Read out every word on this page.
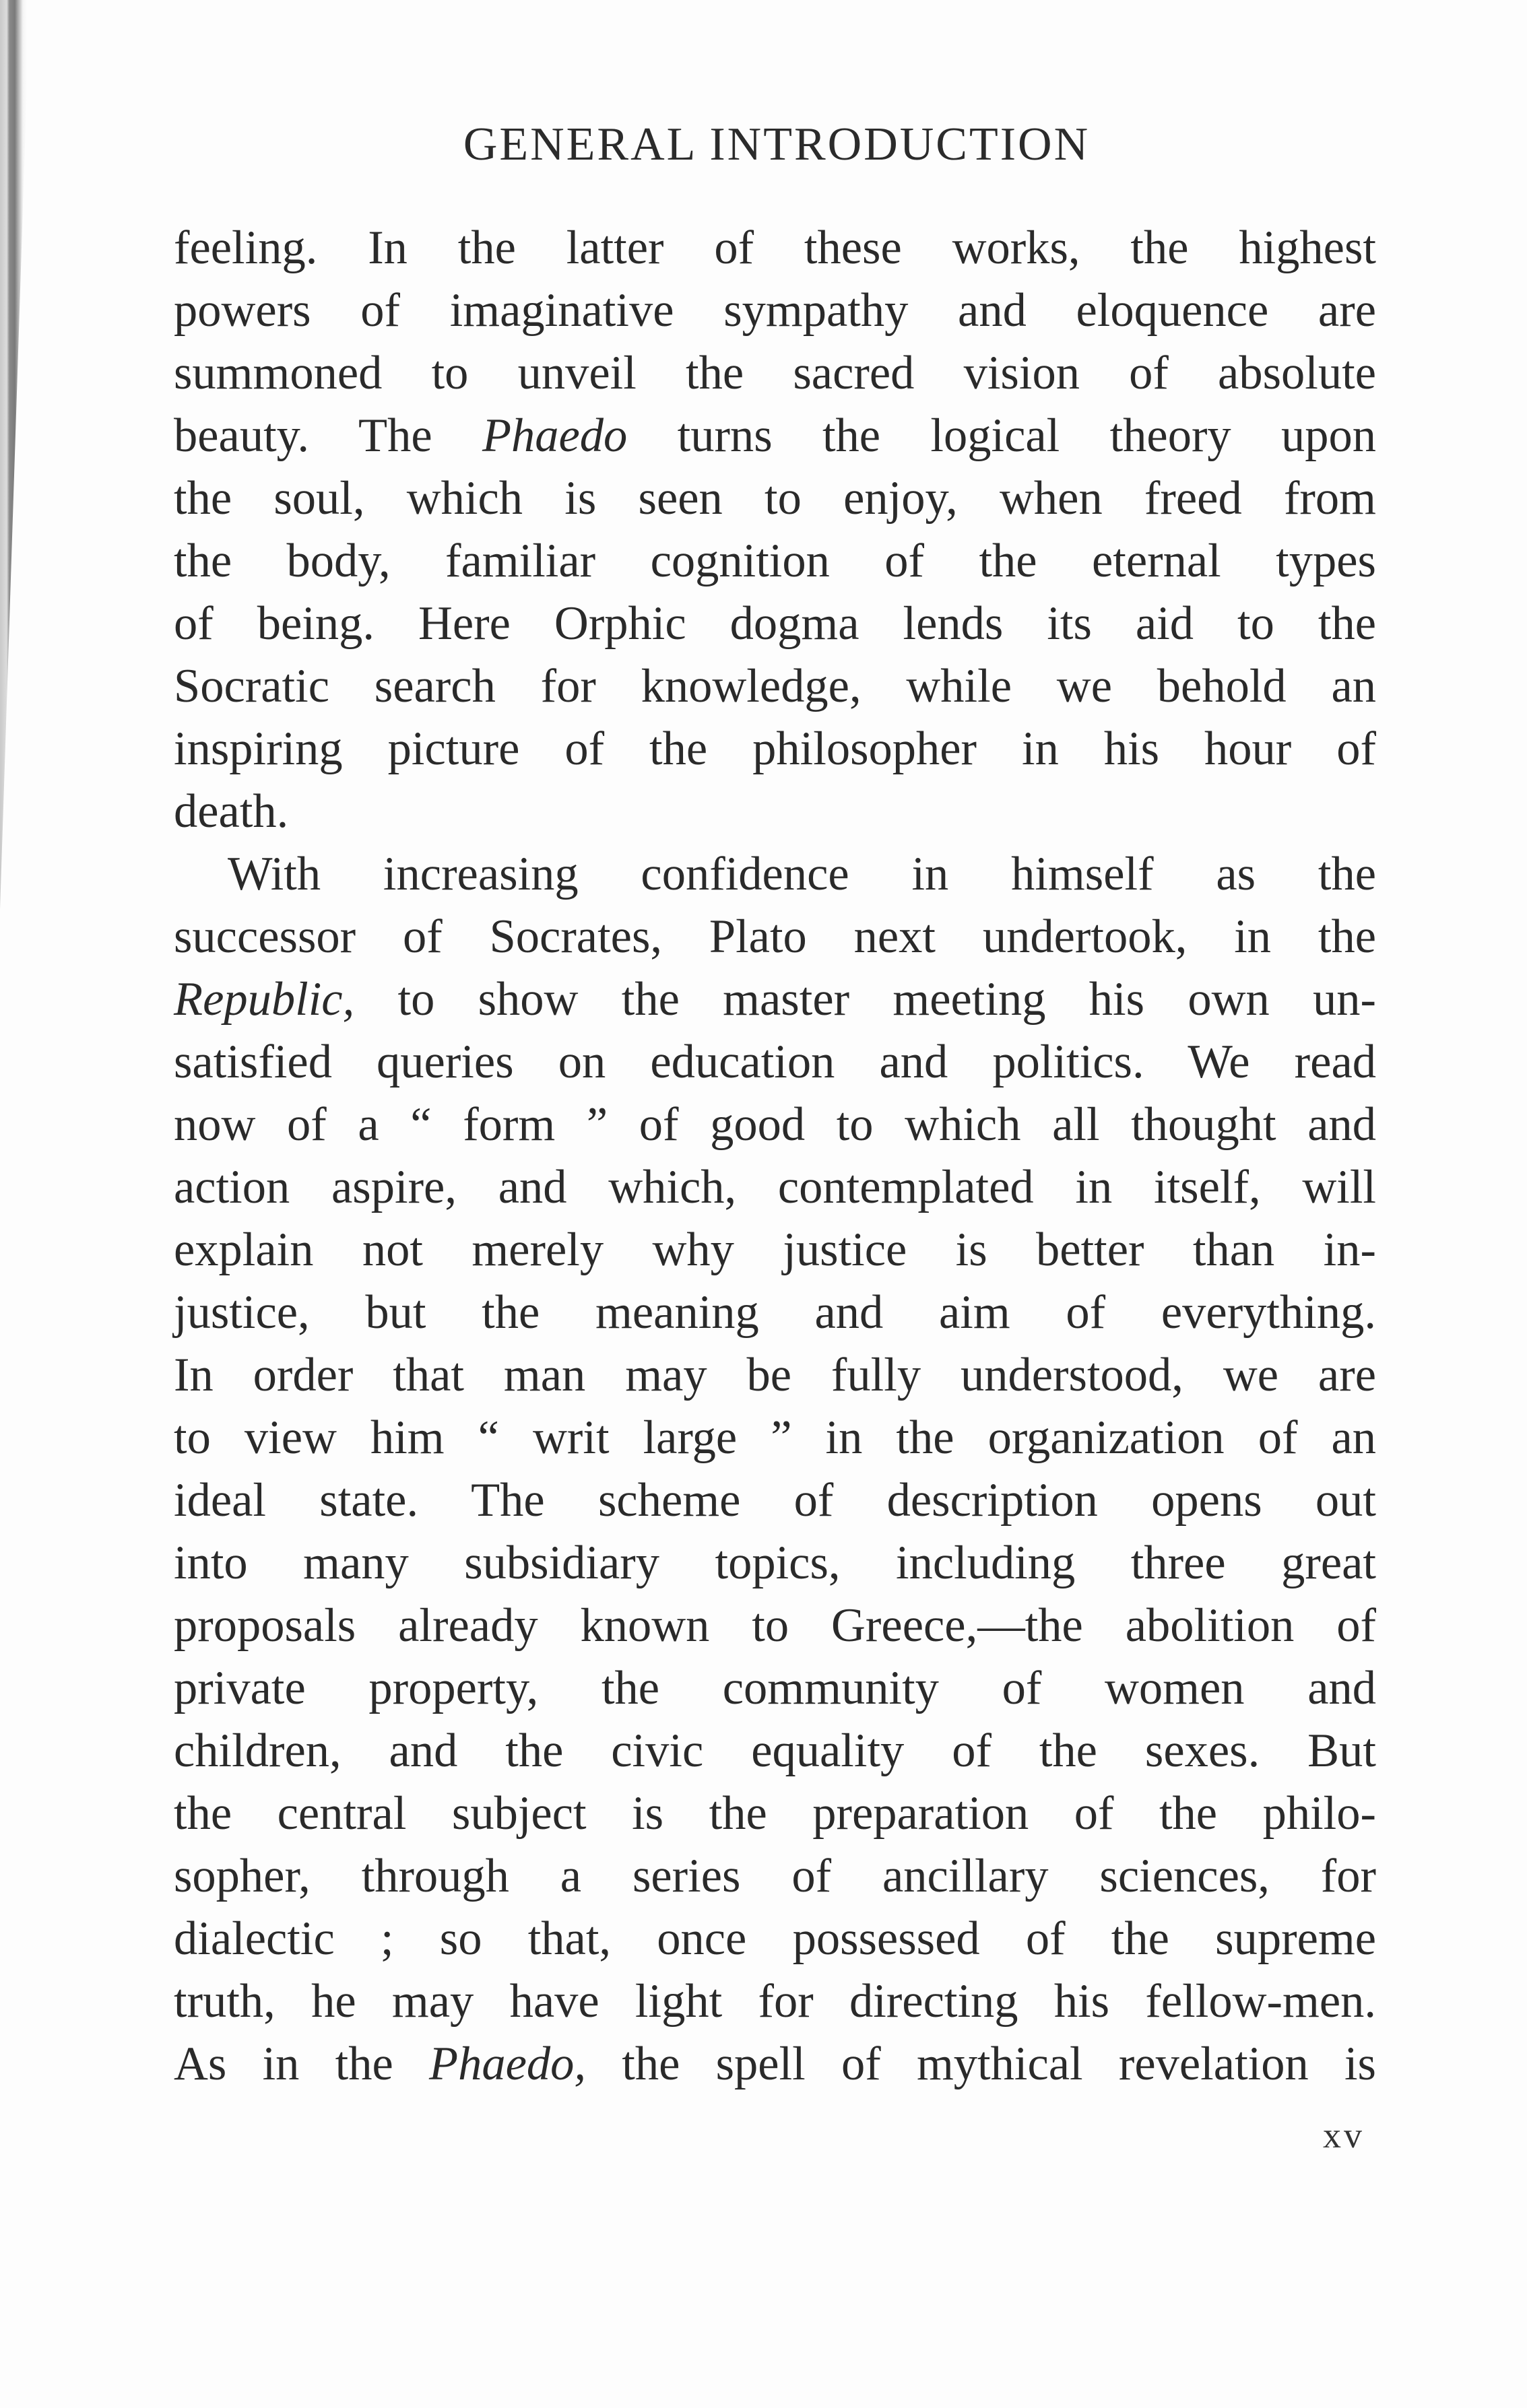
GENERAL INTRODUCTION
feeling. In the latter of these works, the highest
powers of imaginative sympathy and eloquence are
summoned to unveil the sacred vision of absolute
beauty. The Phaedo turns the logical theory upon
the soul, which is seen to enjoy, when freed from
the body, familiar cognition of the eternal types
of being. Here Orphic dogma lends its aid to the
Socratic search for knowledge, while we behold an
inspiring picture of the philosopher in his hour of
death.
With increasing confidence in himself as the
successor of Socrates, Plato next undertook, in the
Republic, to show the master meeting his own un-
satisfied queries on education and politics. We read
now of a “ form ” of good to which all thought and
action aspire, and which, contemplated in itself, will
explain not merely why justice is better than in-
justice, but the meaning and aim of everything.
In order that man may be fully understood, we are
to view him “ writ large ” in the organization of an
ideal state. The scheme of description opens out
into many subsidiary topics, including three great
proposals already known to Greece,—the abolition of
private property, the community of women and
children, and the civic equality of the sexes. But
the central subject is the preparation of the philo-
sopher, through a series of ancillary sciences, for
dialectic ; so that, once possessed of the supreme
truth, he may have light for directing his fellow-men.
As in the Phaedo, the spell of mythical revelation is
xv
